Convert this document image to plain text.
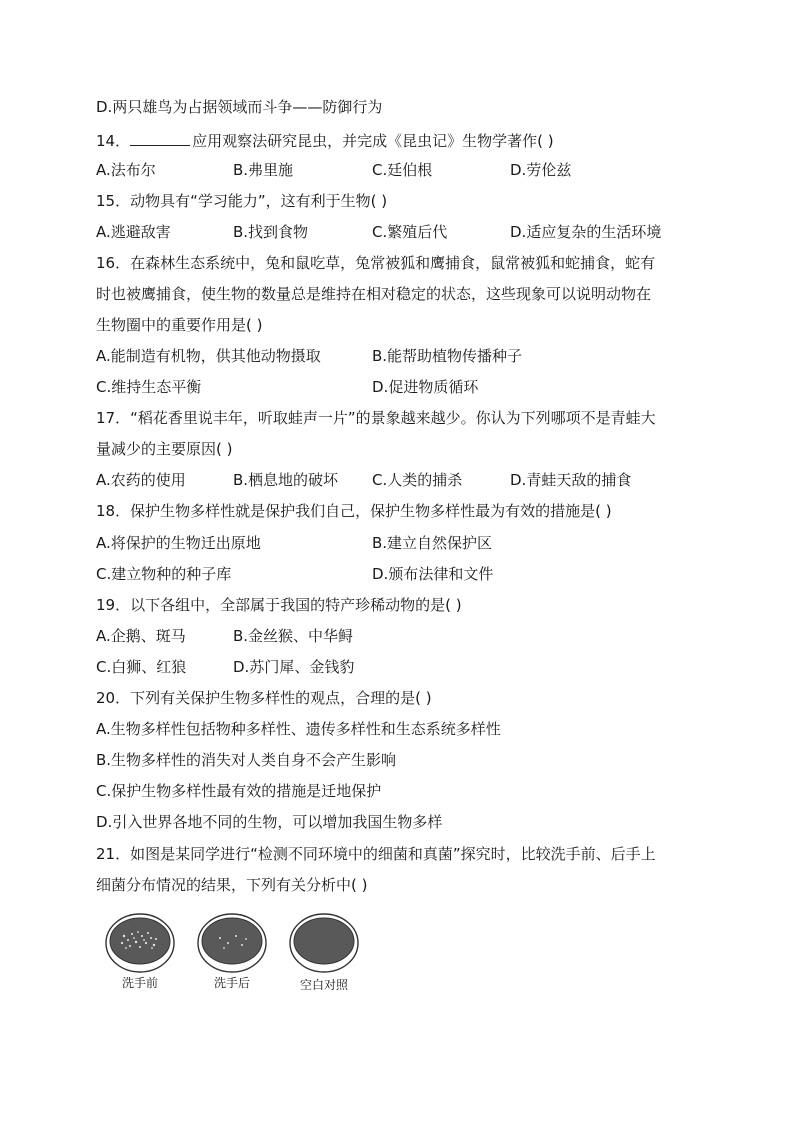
D.两只雄鸟为占据领域而斗争——防御行为
14．	应用观察法研究昆虫，并完成《昆虫记》生物学著作( )
A.法布尔	B.弗里施	C.廷伯根	D.劳伦兹
15．动物具有“学习能力”，这有利于生物( )
A.逃避敌害	B.找到食物	C.繁殖后代	D.适应复杂的生活环境
16．在森林生态系统中，兔和鼠吃草，兔常被狐和鹰捕食，鼠常被狐和蛇捕食，蛇有
时也被鹰捕食，使生物的数量总是维持在相对稳定的状态，这些现象可以说明动物在
生物圈中的重要作用是( )
A.能制造有机物，供其他动物摄取	B.能帮助植物传播种子
C.维持生态平衡	D.促进物质循环
17．“稻花香里说丰年，听取蛙声一片”的景象越来越少。你认为下列哪项不是青蛙大
量减少的主要原因( )
A.农药的使用	B.栖息地的破坏 C.人类的捕杀	D.青蛙天敌的捕食
18．保护生物多样性就是保护我们自己，保护生物多样性最为有效的措施是( )
A.将保护的生物迁出原地	B.建立自然保护区
C.建立物种的种子库	D.颁布法律和文件
19．以下各组中，全部属于我国的特产珍稀动物的是( )
A.企鹅、斑马	B.金丝猴、中华鲟
C.白狮、红狼	D.苏门犀、金钱豹
20．下列有关保护生物多样性的观点，合理的是( )
A.生物多样性包括物种多样性、遗传多样性和生态系统多样性
B.生物多样性的消失对人类自身不会产生影响
C.保护生物多样性最有效的措施是迁地保护
D.引入世界各地不同的生物，可以增加我国生物多样
21．如图是某同学进行“检测不同环境中的细菌和真菌”探究时，比较洗手前、后手上
细菌分布情况的结果，下列有关分析中( )
洗手前	洗手后	空白对照
